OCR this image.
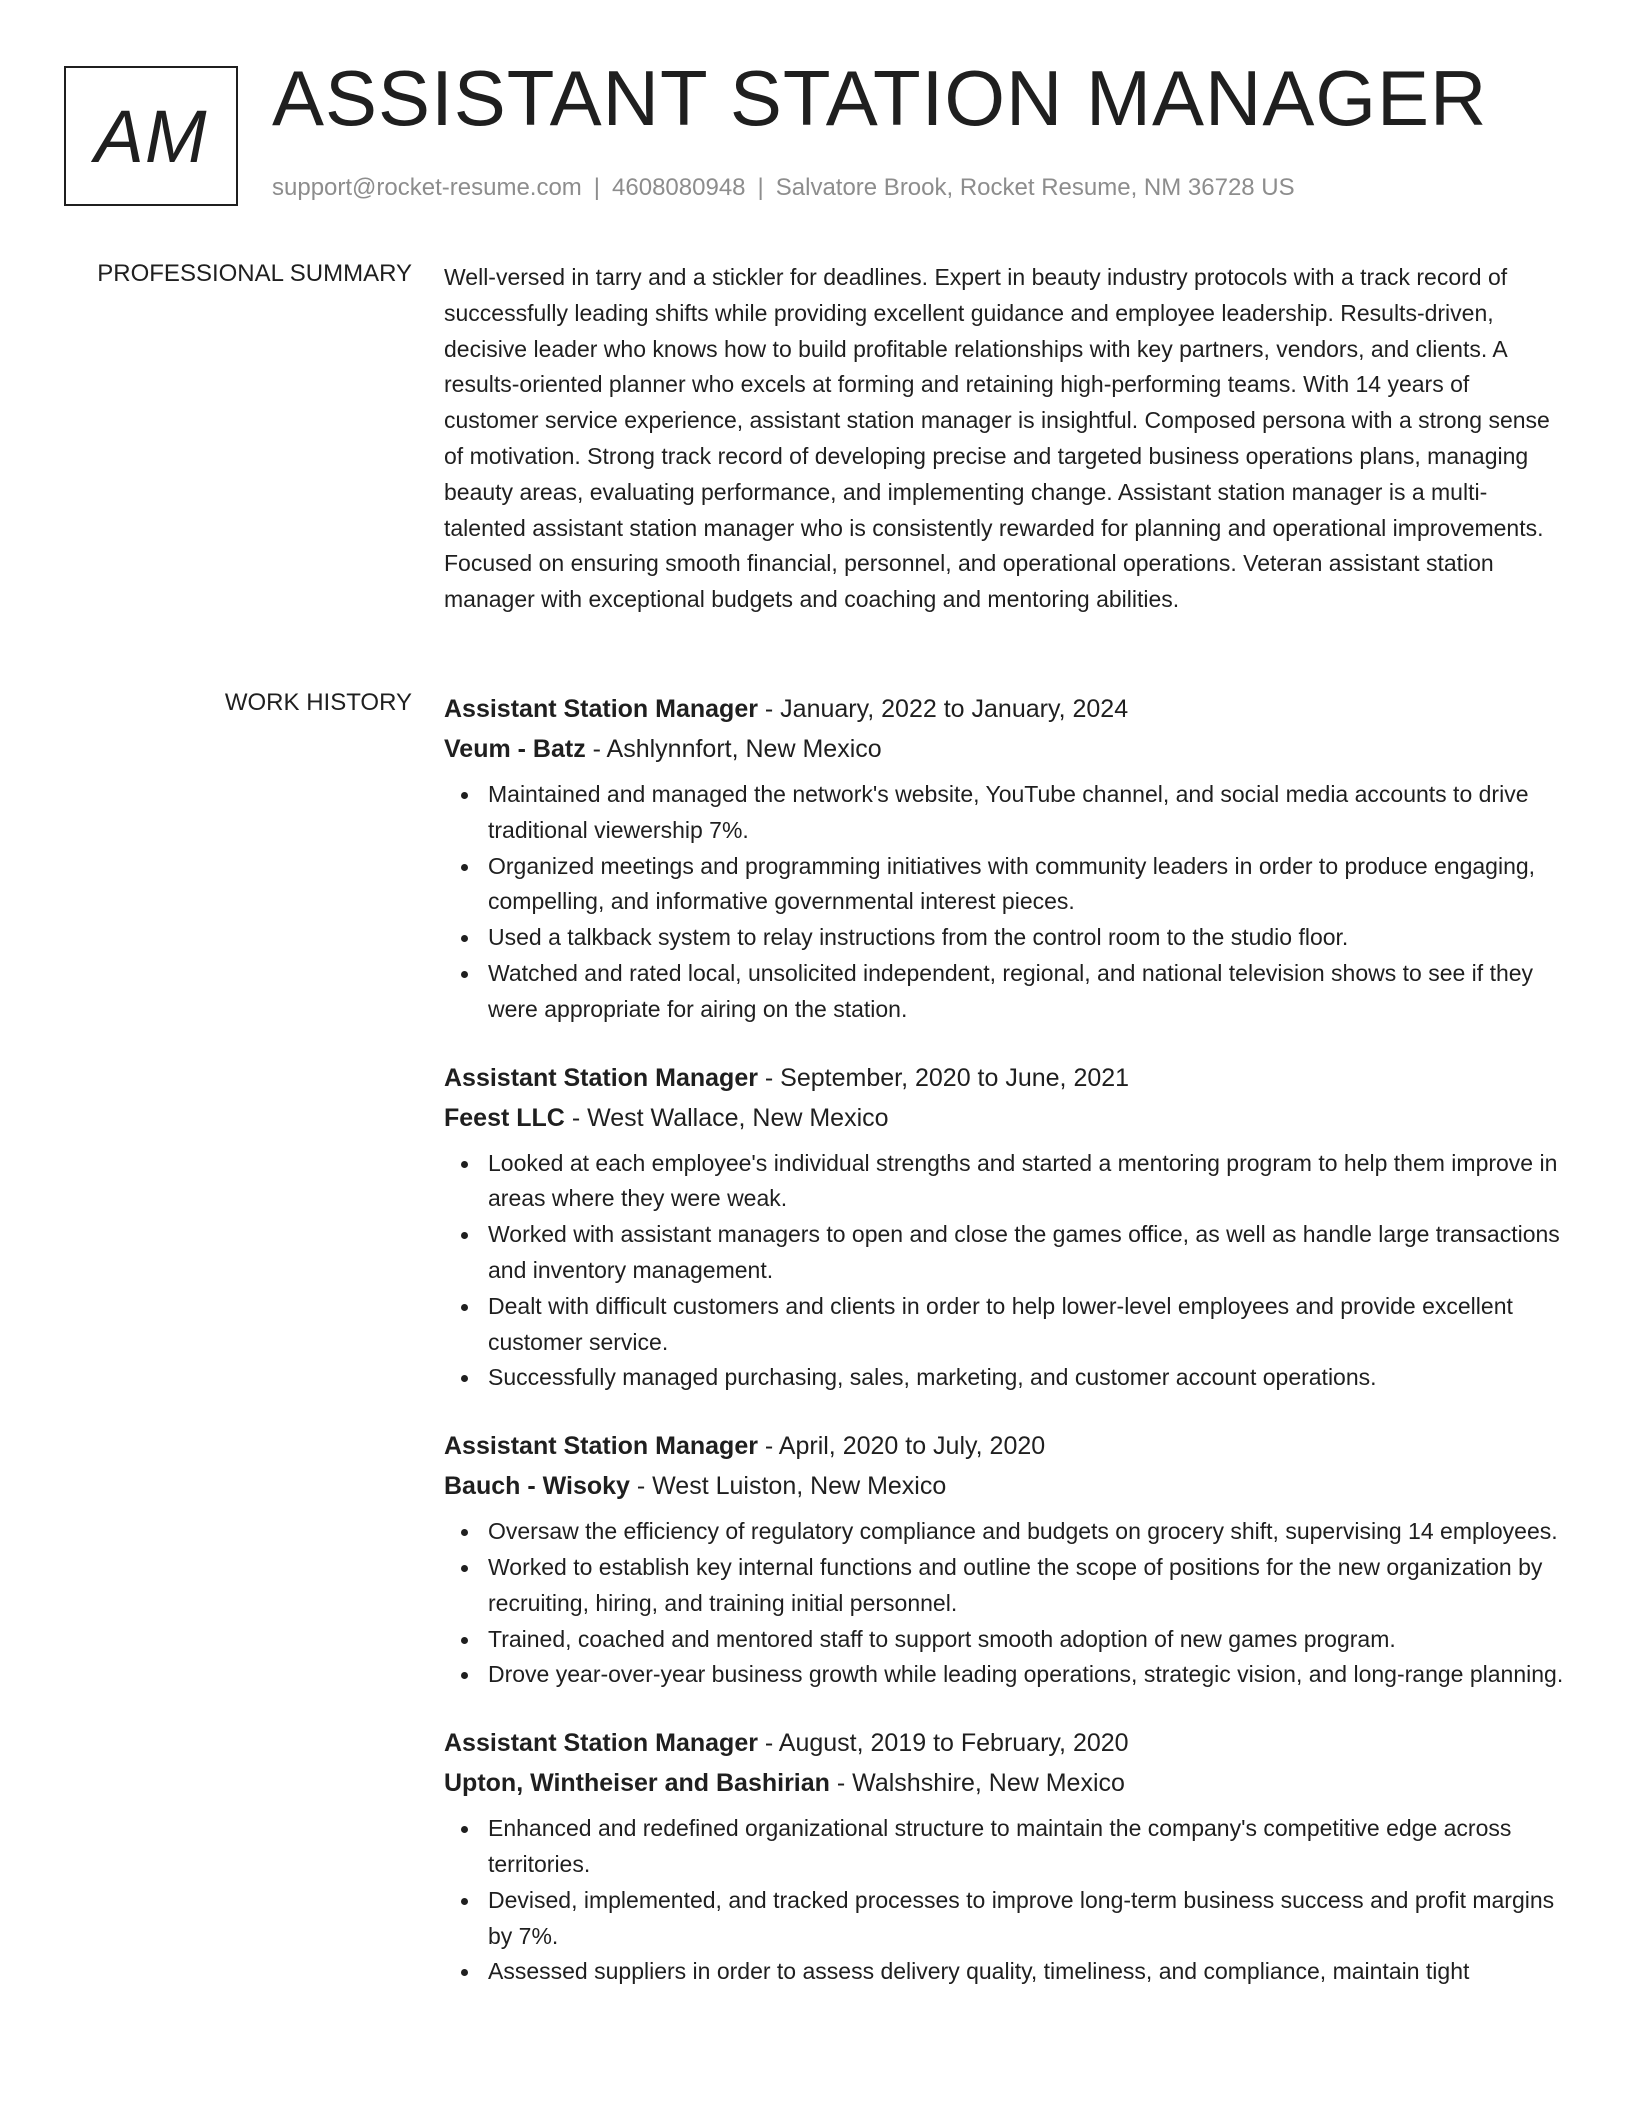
AM ASSISTANT STATION MANAGER
support@rocket-resume.com | 4608080948 | Salvatore Brook, Rocket Resume, NM 36728 US
PROFESSIONAL SUMMARY Well-versed in tarry and a stickler for deadlines. Expert in beauty industry protocols with a track record of successfully leading shifts while providing excellent guidance and employee leadership. Results-driven, decisive leader who knows how to build profitable relationships with key partners, vendors, and clients. A results-oriented planner who excels at forming and retaining high-performing teams. With 14 years of customer service experience, assistant station manager is insightful. Composed persona with a strong sense of motivation. Strong track record of developing precise and targeted business operations plans, managing beauty areas, evaluating performance, and implementing change. Assistant station manager is a multi-talented assistant station manager who is consistently rewarded for planning and operational improvements. Focused on ensuring smooth financial, personnel, and operational operations. Veteran assistant station manager with exceptional budgets and coaching and mentoring abilities.

WORK HISTORY Assistant Station Manager - January, 2022 to January, 2024
Veum - Batz - Ashlynnfort, New Mexico
Maintained and managed the network's website, YouTube channel, and social media accounts to drive traditional viewership 7%.
Organized meetings and programming initiatives with community leaders in order to produce engaging, compelling, and informative governmental interest pieces.
Used a talkback system to relay instructions from the control room to the studio floor.
Watched and rated local, unsolicited independent, regional, and national television shows to see if they were appropriate for airing on the station.
Assistant Station Manager - September, 2020 to June, 2021
Feest LLC - West Wallace, New Mexico
Looked at each employee's individual strengths and started a mentoring program to help them improve in areas where they were weak.
Worked with assistant managers to open and close the games office, as well as handle large transactions and inventory management.
Dealt with difficult customers and clients in order to help lower-level employees and provide excellent customer service.
Successfully managed purchasing, sales, marketing, and customer account operations.
Assistant Station Manager - April, 2020 to July, 2020
Bauch - Wisoky - West Luiston, New Mexico
Oversaw the efficiency of regulatory compliance and budgets on grocery shift, supervising 14 employees.
Worked to establish key internal functions and outline the scope of positions for the new organization by recruiting, hiring, and training initial personnel.
Trained, coached and mentored staff to support smooth adoption of new games program.
Drove year-over-year business growth while leading operations, strategic vision, and long-range planning.
Assistant Station Manager - August, 2019 to February, 2020
Upton, Wintheiser and Bashirian - Walshshire, New Mexico
Enhanced and redefined organizational structure to maintain the company's competitive edge across territories.
Devised, implemented, and tracked processes to improve long-term business success and profit margins by 7%.
Assessed suppliers in order to assess delivery quality, timeliness, and compliance, maintain tight
